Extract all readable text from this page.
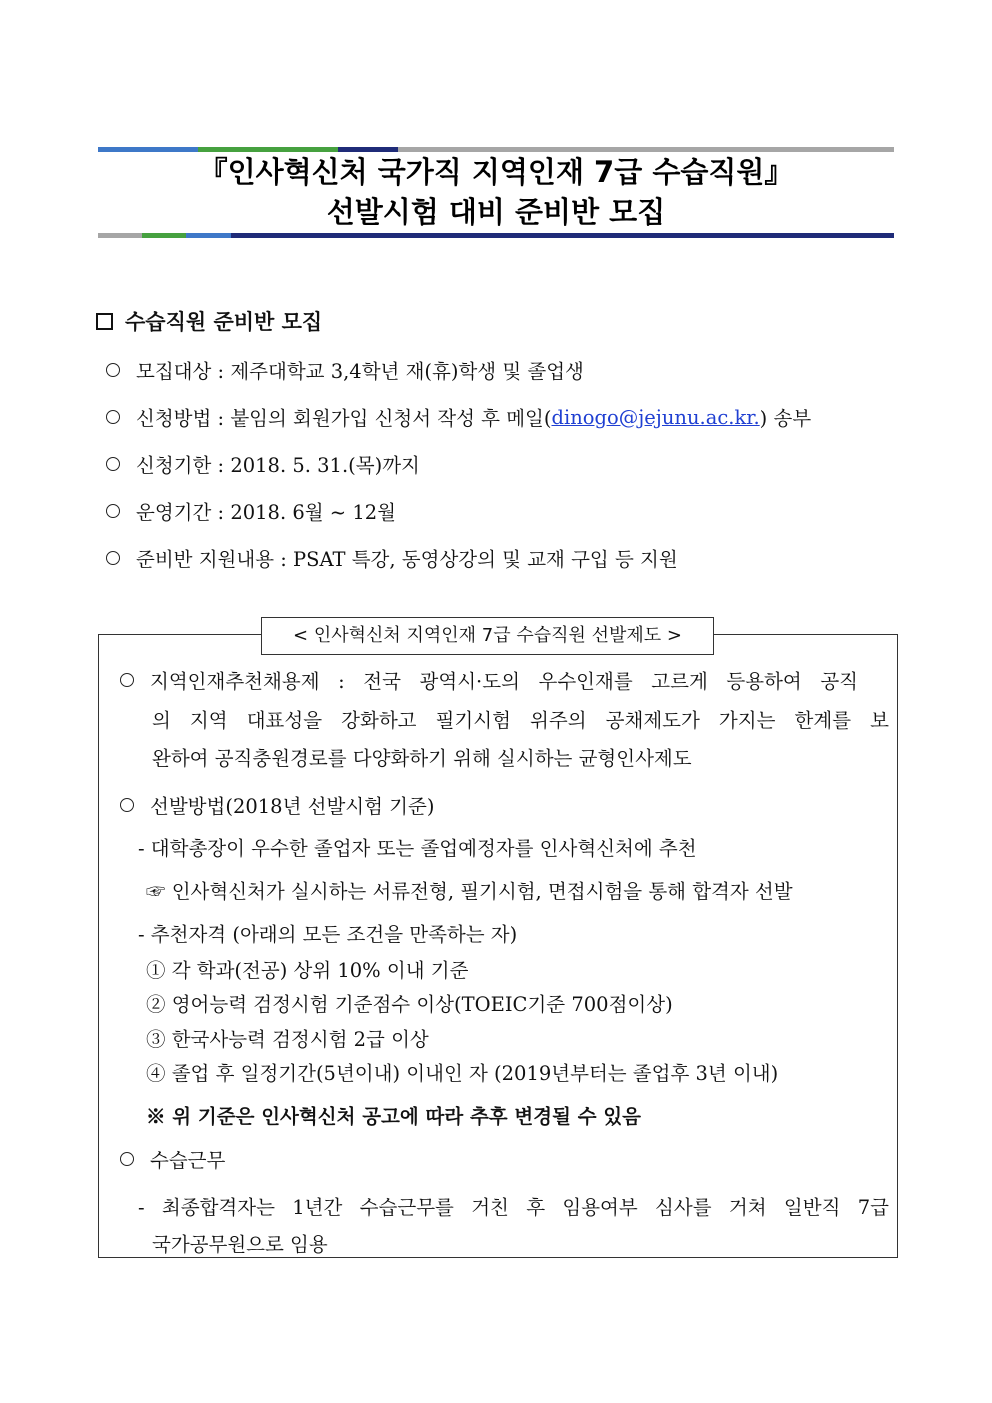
『인사혁신처 국가직 지역인재 7급 수습직원』
선발시험 대비 준비반 모집
수습직원 준비반 모집
모집대상 : 제주대학교 3,4학년 재(휴)학생 및 졸업생
신청방법 : 붙임의 회원가입 신청서 작성 후 메일( dinogo@jejunu.ac.kr. ) 송부
신청기한 : 2018. 5. 31.(목)까지
운영기간 : 2018. 6월 ~ 12월
준비반 지원내용 : PSAT 특강, 동영상강의 및 교재 구입 등 지원
< 인사혁신처 지역인재 7급 수습직원 선발제도 >
지역인재추천채용제 : 전국 광역시·도의 우수인재를 고르게 등용하여 공직
의 지역 대표성을 강화하고 필기시험 위주의 공채제도가 가지는 한계를 보
완하여 공직충원경로를 다양화하기 위해 실시하는 균형인사제도
선발방법(2018년 선발시험 기준)
- 대학총장이 우수한 졸업자 또는 졸업예정자를 인사혁신처에 추천
☞ 인사혁신처가 실시하는 서류전형, 필기시험, 면접시험을 통해 합격자 선발
- 추천자격 (아래의 모든 조건을 만족하는 자)
① 각 학과(전공) 상위 10% 이내 기준
② 영어능력 검정시험 기준점수 이상(TOEIC기준 700점이상)
③ 한국사능력 검정시험 2급 이상
④ 졸업 후 일정기간(5년이내) 이내인 자 (2019년부터는 졸업후 3년 이내)
※ 위 기준은 인사혁신처 공고에 따라 추후 변경될 수 있음
수습근무
- 최종합격자는 1년간 수습근무를 거친 후 임용여부 심사를 거쳐 일반직 7급
국가공무원으로 임용
